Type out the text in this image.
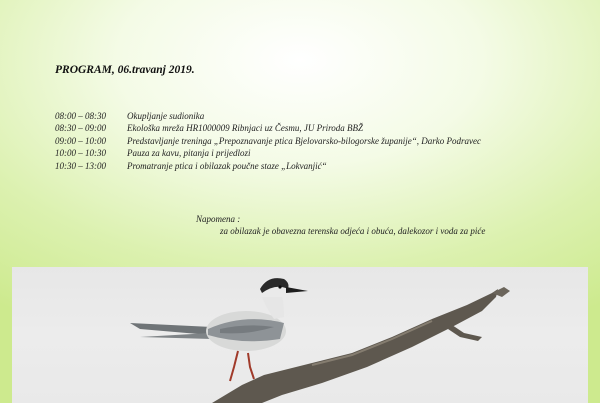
PROGRAM, 06.travanj 2019.
08:00 – 08:30 Okupljanje sudionika
08:30 – 09:00 Ekološka mreža HR1000009 Ribnjaci uz Česmu, JU Priroda BBŽ
09:00 – 10:00 Predstavljanje treninga „Prepoznavanje ptica Bjelovarsko-bilogorske županije“, Darko Podravec
10:00 – 10:30 Pauza za kavu, pitanja i prijedlozi
10:30 – 13:00 Promatranje ptica i obilazak poučne staze „Lokvanjić“
Napomena :
za obilazak je obavezna terenska odjeća i obuća, dalekozor i voda za piće
